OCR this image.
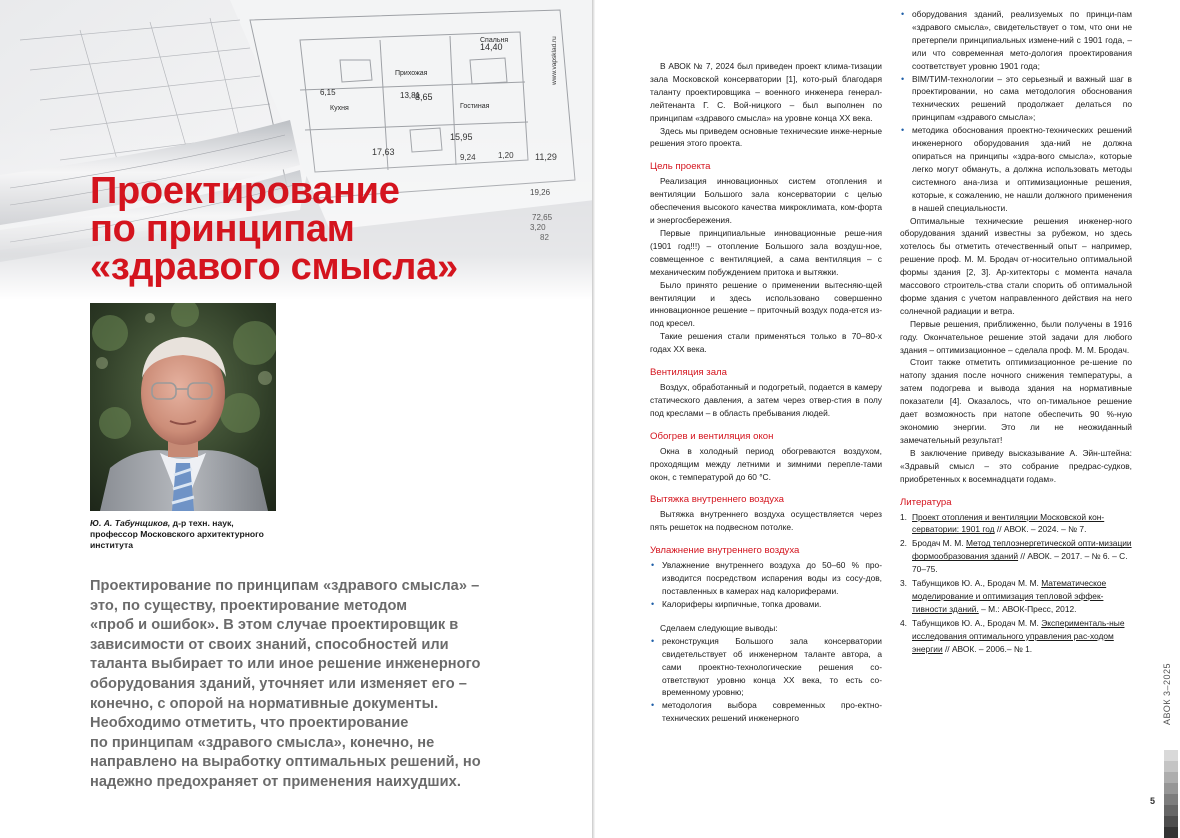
Спальня
14,40
Прихожая
Кухня	Гостиная
8,65
13,81
6,15
www.vapsklad.ru
Проектирование
по принципам
«здравого смысла»
Ю. А. Табунщиков, д-р техн. наук,
профессор Московского архитектурного
института

Проектирование по принципам «здравого смысла» –

это, по существу, проектирование методом

«проб и ошибок». В этом случае проектировщик в

зависимости от своих знаний, способностей или

таланта выбирает то или иное решение инженерного

оборудования зданий, уточняет или изменяет его –

конечно, с опорой на нормативные документы.

Необходимо отметить, что проектирование

по принципам «здравого смысла», конечно, не

направлено на выработку оптимальных решений, но

надежно предохраняет от применения наихудших.

В АВОК № 7, 2024 был приведен проект клима-тизации зала Московской консерватории [1], кото-рый благодаря таланту проектировщика – военного инженера генерал-лейтенанта Г. С. Вой-ницкого – был выполнен по принципам «здравого смысла» на уровне конца XX века.

Здесь мы приведем основные технические инже-нерные решения этого проекта.

Цель проекта

Реализация инновационных систем отопления и вентиляции Большого зала консерватории с целью обеспечения высокого качества микроклимата, ком-форта и энергосбережения.

Первые принципиальные инновационные реше-ния (1901 год!!!) – отопление Большого зала воздуш-ное, совмещенное с вентиляцией, а сама вентиляция – с механическим побуждением притока и вытяжки.

Было принято решение о применении вытесняю-щей вентиляции и здесь использовано совершенно инновационное решение – приточный воздух пода-ется из-под кресел.

Такие решения стали применяться только в 70–80-х годах XX века.

Вентиляция зала

Воздух, обработанный и подогретый, подается в камеру статического давления, а затем через отвер-стия в полу под креслами – в область пребывания людей.

Обогрев и вентиляция окон

Окна в холодный период обогреваются воздухом, проходящим между летними и зимними перепле-тами окон, с температурой до 60 °С.

Вытяжка внутреннего воздуха

Вытяжка внутреннего воздуха осуществляется через пять решеток на подвесном потолке.

Увлажнение внутреннего воздуха
• Увлажнение внутреннего воздуха до 50–60 % про-изводится посредством испарения воды из сосу-дов, поставленных в камерах над калориферами.
• Калориферы кирпичные, топка дровами.

Сделаем следующие выводы:

• реконструкция Большого зала консерватории свидетельствует об инженерном таланте автора, а сами проектно-технологические решения со-ответствуют уровню конца XX века, то есть со-временному уровню;
• методология выбора современных про-ектно-технических решений инженерного
• оборудования зданий, реализуемых по принци-пам «здравого смысла», свидетельствует о том, что они не претерпели принципиальных измене-ний с 1901 года, – или что современная мето-дология проектирования соответствует уровню 1901 года;
• BIM/ТИМ-технологии – это серьезный и важный шаг в проектировании, но сама методология обоснования технических решений продолжает делаться по принципам «здравого смысла»;
• методика обоснования проектно-технических решений инженерного оборудования зда-ний не должна опираться на принципы «здра-вого смысла», которые легко могут обмануть, а должна использовать методы системного ана-лиза и оптимизационные решения, которые, к сожалению, не нашли должного применения в нашей специальности.

Оптимальные технические решения инженер-ного оборудования зданий известны за рубежом, но здесь хотелось бы отметить отечественный опыт – например, решение проф. М. М. Бродач от-носительно оптимальной формы здания [2, 3]. Ар-хитекторы с момента начала массового строитель-ства стали спорить об оптимальной форме здания с учетом направленного действия на него солнечной радиации и ветра.

Первые решения, приближенно, были получены в 1916 году. Окончательное решение этой задачи для любого здания – оптимизационное – сделала проф. М. М. Бродач.

Стоит также отметить оптимизационное ре-шение по натопу здания после ночного снижения температуры, а затем подогрева и вывода здания на нормативные показатели [4]. Оказалось, что оп-тимальное решение дает возможность при натопе обеспечить 90 %-ную экономию энергии. Это ли не неожиданный замечательный результат!

В заключение приведу высказывание А. Эйн-штейна: «Здравый смысл – это собрание предрас-судков, приобретенных к восемнадцати годам».

Литература
1. Проект отопления и вентиляции Московской кон-серватории: 1901 год // АВОК. – 2024. – № 7.
2. Бродач М. М. Метод теплоэнергетической опти-мизации формообразования зданий // АВОК. – 2017. – № 6. – С. 70–75.
3. Табунщиков Ю. А., Бродач М. М. Математическое моделирование и оптимизация тепловой эффек-тивности зданий. – М.: АВОК-Пресс, 2012.
4. Табунщиков Ю. А., Бродач М. М. Эксперименталь-ные исследования оптимального управления рас-ходом энергии // АВОК. – 2006.– № 1.
АВОК 3–2025
5
